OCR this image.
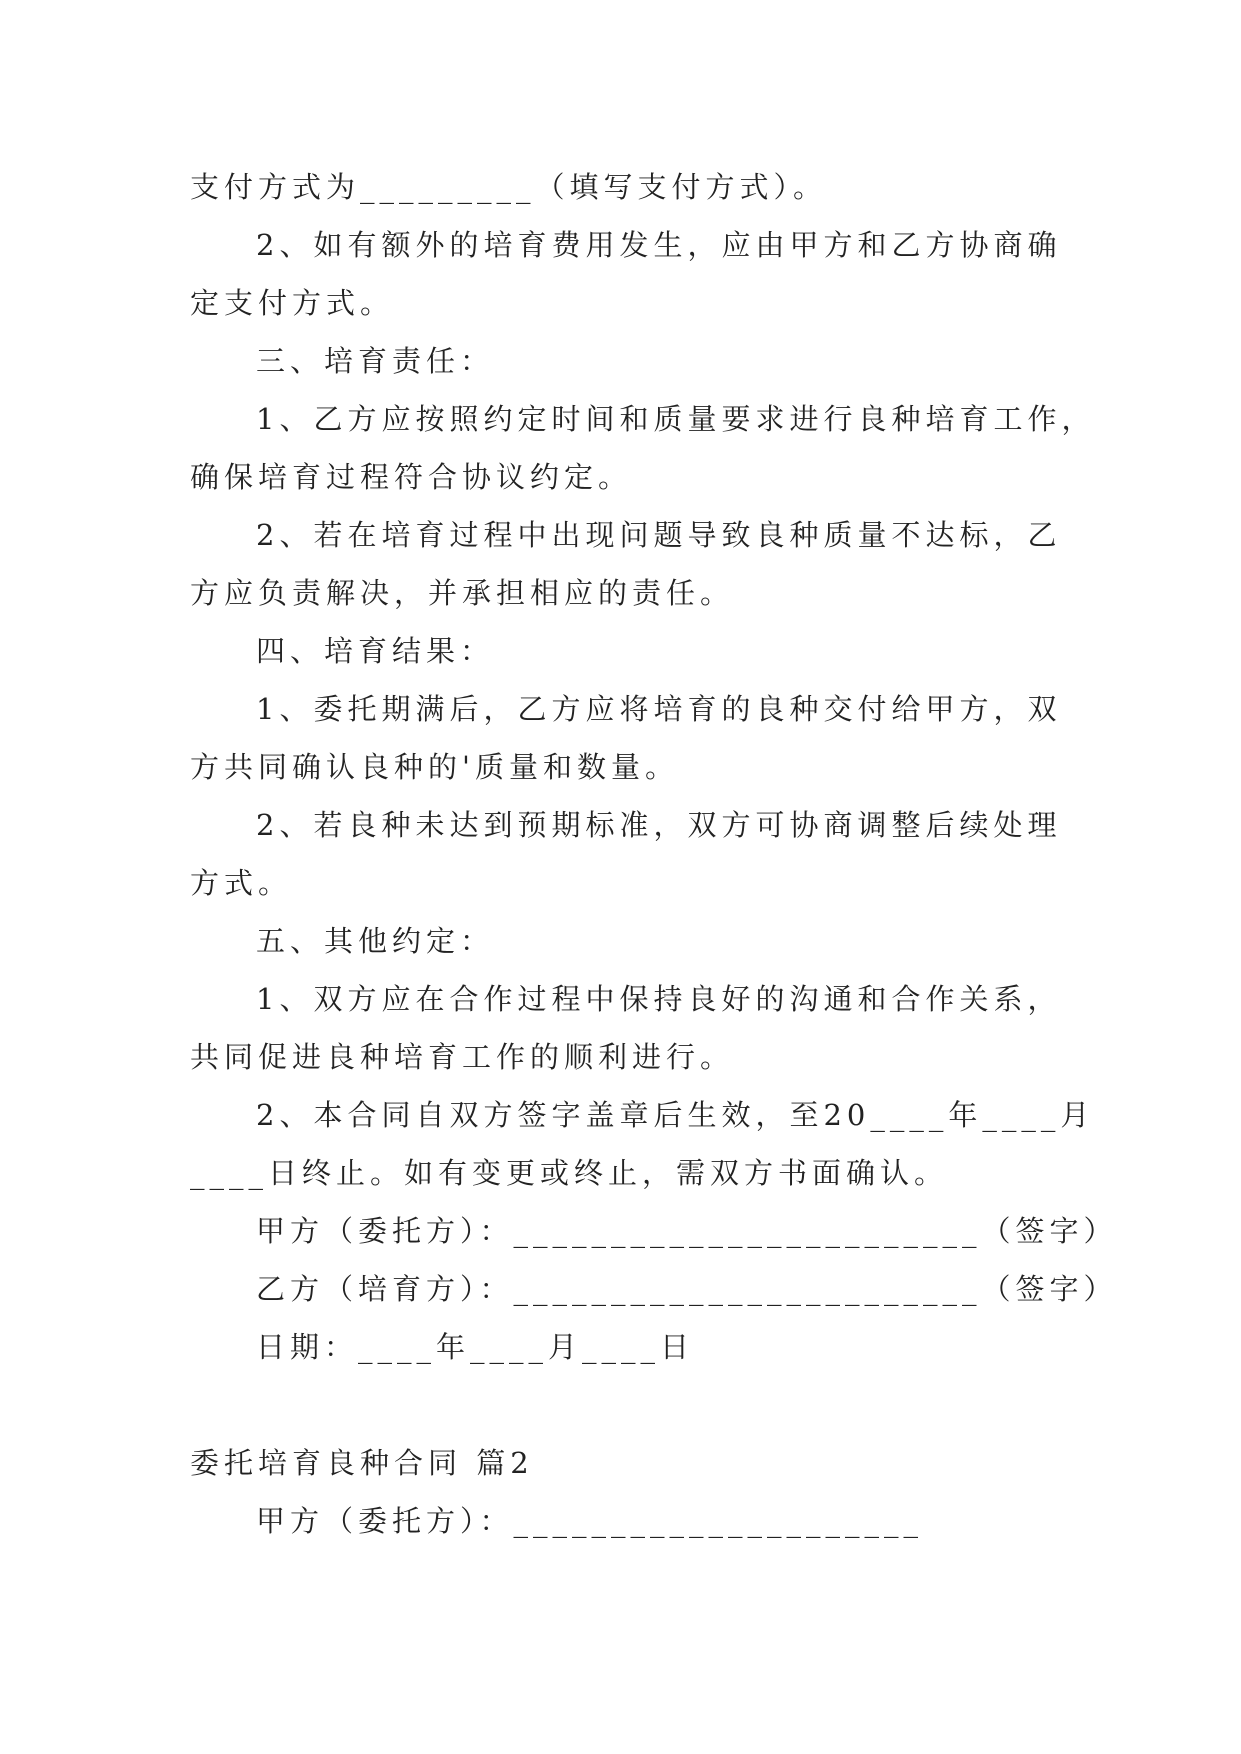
支付方式为_________（填写支付方式）。
2、如有额外的培育费用发生，应由甲方和乙方协商确
定支付方式。
三、培育责任：
1、乙方应按照约定时间和质量要求进行良种培育工作，
确保培育过程符合协议约定。
2、若在培育过程中出现问题导致良种质量不达标，乙
方应负责解决，并承担相应的责任。
四、培育结果：
1、委托期满后，乙方应将培育的良种交付给甲方，双
方共同确认良种的'质量和数量。
2、若良种未达到预期标准，双方可协商调整后续处理
方式。
五、其他约定：
1、双方应在合作过程中保持良好的沟通和合作关系，
共同促进良种培育工作的顺利进行。
2、本合同自双方签字盖章后生效，至20____年____月
____日终止。如有变更或终止，需双方书面确认。
甲方（委托方）：________________________（签字）
乙方（培育方）：________________________（签字）
日期：____年____月____日
委托培育良种合同 篇2
甲方（委托方）：_____________________
